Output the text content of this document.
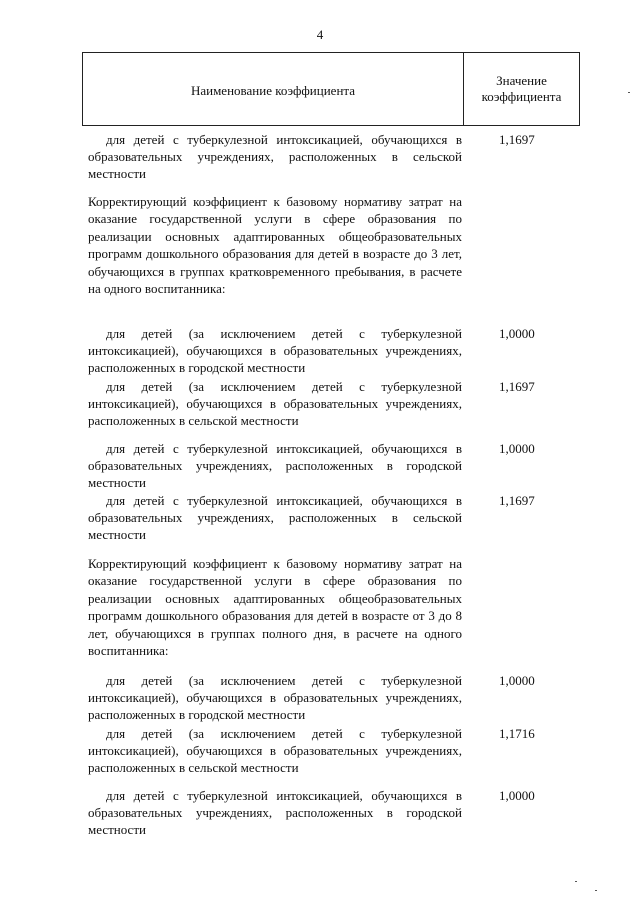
4
Наименование коэффициента
Значение
коэффициента
для детей с туберкулезной интоксикацией, обучающихся в образовательных учреждениях, расположенных в сельской местности
1,1697
Корректирующий коэффициент к базовому нормативу затрат на оказание государственной услуги в сфере образования по реализации основных адаптированных общеобразовательных программ дошкольного образования для детей в возрасте до 3 лет, обучающихся в группах кратковременного пребывания, в расчете на одного воспитанника:
для детей (за исключением детей с туберкулезной интоксикацией), обучающихся в образовательных учреждениях, расположенных в городской местности
1,0000
для детей (за исключением детей с туберкулезной интоксикацией), обучающихся в образовательных учреждениях, расположенных в сельской местности
1,1697
для детей с туберкулезной интоксикацией, обучающихся в образовательных учреждениях, расположенных в городской местности
1,0000
для детей с туберкулезной интоксикацией, обучающихся в образовательных учреждениях, расположенных в сельской местности
1,1697
Корректирующий коэффициент к базовому нормативу затрат на оказание государственной услуги в сфере образования по реализации основных адаптированных общеобразовательных программ дошкольного образования для детей в возрасте от 3 до 8 лет, обучающихся в группах полного дня, в расчете на одного воспитанника:
для детей (за исключением детей с туберкулезной интоксикацией), обучающихся в образовательных учреждениях, расположенных в городской местности
1,0000
для детей (за исключением детей с туберкулезной интоксикацией), обучающихся в образовательных учреждениях, расположенных в сельской местности
1,1716
для детей с туберкулезной интоксикацией, обучающихся в образовательных учреждениях, расположенных в городской местности
1,0000
